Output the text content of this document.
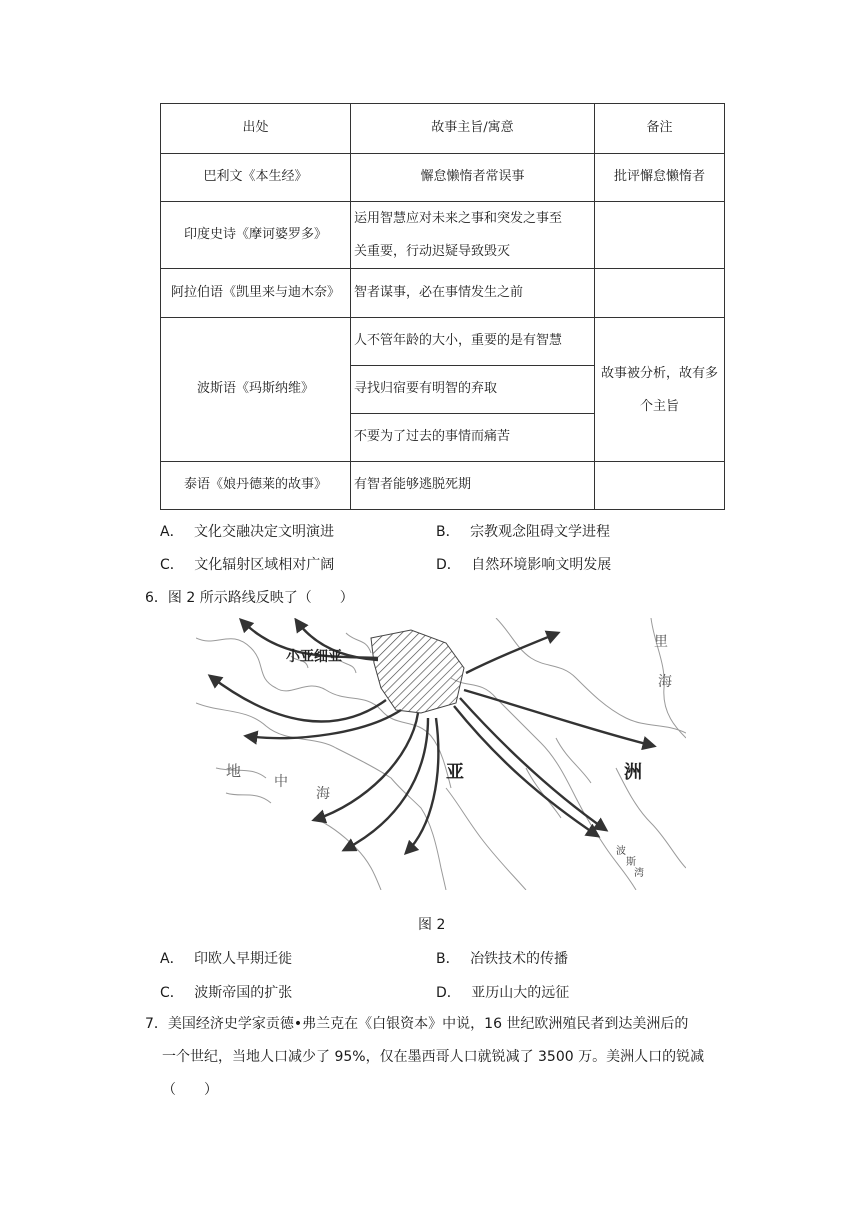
出处	故事主旨/寓意	备注
巴利文《本生经》	懈怠懒惰者常误事	批评懈怠懒惰者
印度史诗《摩诃婆罗多》	运用智慧应对未来之事和突发之事至
关重要，行动迟疑导致毁灭	

阿拉伯语《凯里来与迪木奈》	智者谋事，必在事情发生之前	
波斯语《玛斯纳维》	人不管年龄的大小，重要的是有智慧	故事被分析，故有多
个主旨

	寻找归宿要有明智的弃取	
	不要为了过去的事情而痛苦	
泰语《娘丹德莱的故事》	有智者能够逃脱死期	
A． 文化交融决定文明演进	B． 宗教观念阻碍文学进程
C． 文化辐射区域相对广阔	D． 自然环境影响文明发展
6．图 2 所示路线反映了（　　）
小亚细亚
地
中
海
亚	洲
里
海
波
斯
湾
图 2
A． 印欧人早期迁徙	B． 冶铁技术的传播
C． 波斯帝国的扩张	D． 亚历山大的远征
7．美国经济史学家贡德•弗兰克在《白银资本》中说，16 世纪欧洲殖民者到达美洲后的
一个世纪，当地人口减少了 95%，仅在墨西哥人口就锐减了 3500 万。美洲人口的锐减
（　　）
